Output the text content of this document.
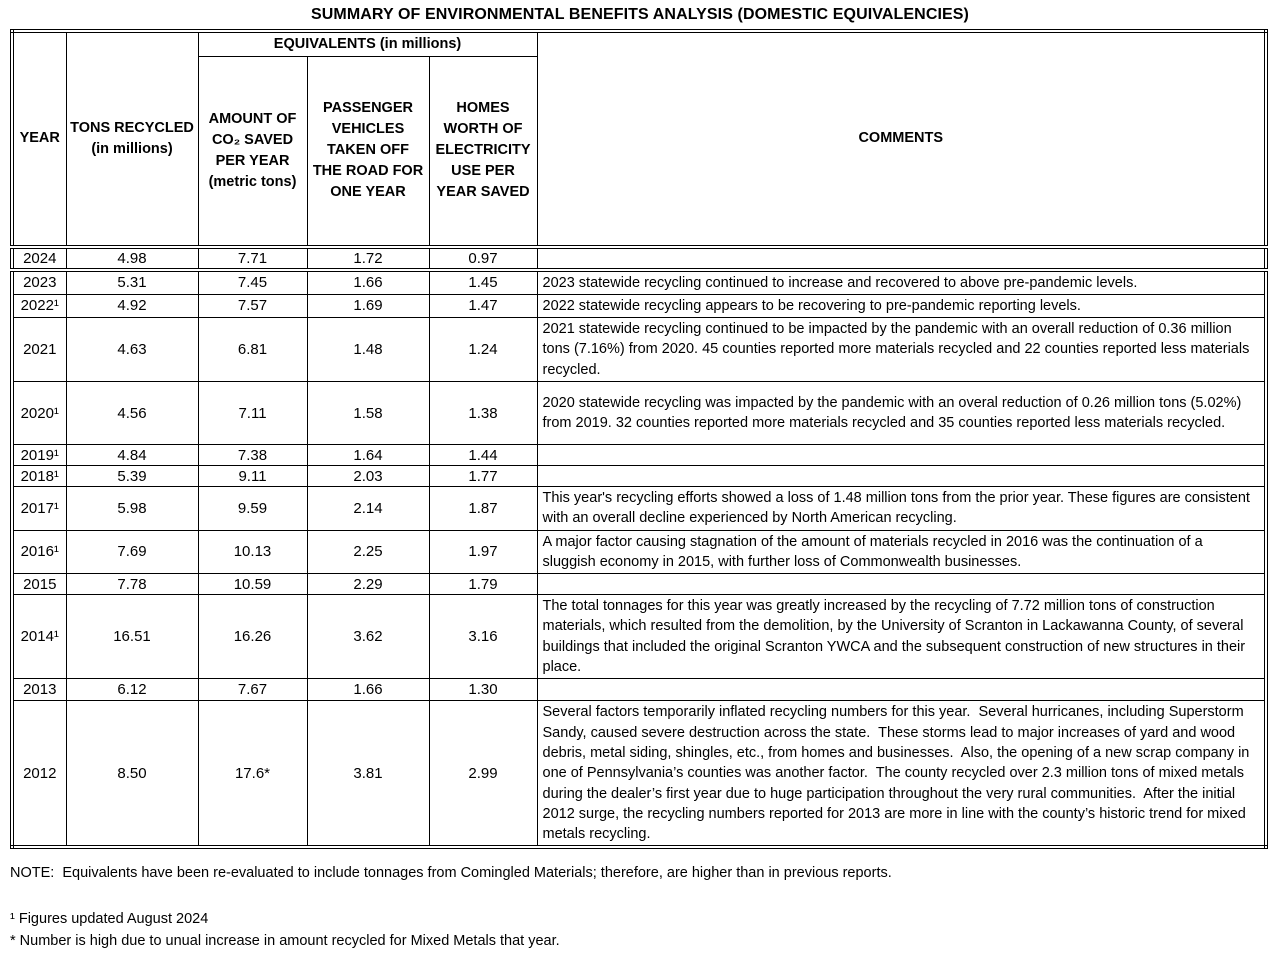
SUMMARY OF ENVIRONMENTAL BENEFITS ANALYSIS (DOMESTIC EQUIVALENCIES)
YEAR	TONS RECYCLED (in millions)	EQUIVALENTS (in millions)			COMMENTS
		AMOUNT OF CO₂ SAVED PER YEAR (metric tons)	PASSENGER VEHICLES TAKEN OFF THE ROAD FOR ONE YEAR	HOMES WORTH OF ELECTRICITY USE PER YEAR SAVED	
2024	4.98	7.71	1.72	0.97	
2023	5.31	7.45	1.66	1.45	2023 statewide recycling continued to increase and recovered to above pre-pandemic levels.
2022¹	4.92	7.57	1.69	1.47	2022 statewide recycling appears to be recovering to pre-pandemic reporting levels.
2021	4.63	6.81	1.48	1.24	2021 statewide recycling continued to be impacted by the pandemic with an overall reduction of 0.36 million tons (7.16%) from 2020. 45 counties reported more materials recycled and 22 counties reported less materials recycled.
2020¹	4.56	7.11	1.58	1.38	2020 statewide recycling was impacted by the pandemic with an overal reduction of 0.26 million tons (5.02%) from 2019. 32 counties reported more materials recycled and 35 counties reported less materials recycled.
2019¹	4.84	7.38	1.64	1.44	
2018¹	5.39	9.11	2.03	1.77	
2017¹	5.98	9.59	2.14	1.87	This year's recycling efforts showed a loss of 1.48 million tons from the prior year. These figures are consistent with an overall decline experienced by North American recycling.
2016¹	7.69	10.13	2.25	1.97	A major factor causing stagnation of the amount of materials recycled in 2016 was the continuation of a sluggish economy in 2015, with further loss of Commonwealth businesses.
2015	7.78	10.59	2.29	1.79	
2014¹	16.51	16.26	3.62	3.16	The total tonnages for this year was greatly increased by the recycling of 7.72 million tons of construction materials, which resulted from the demolition, by the University of Scranton in Lackawanna County, of several buildings that included the original Scranton YWCA and the subsequent construction of new structures in their place.
2013	6.12	7.67	1.66	1.30	
2012	8.50	17.6*	3.81	2.99	Several factors temporarily inflated recycling numbers for this year.  Several hurricanes, including Superstorm Sandy, caused severe destruction across the state.  These storms lead to major increases of yard and wood debris, metal siding, shingles, etc., from homes and businesses.  Also, the opening of a new scrap company in one of Pennsylvania’s counties was another factor.  The county recycled over 2.3 million tons of mixed metals during the dealer’s first year due to huge participation throughout the very rural communities.  After the initial 2012 surge, the recycling numbers reported for 2013 are more in line with the county’s historic trend for mixed metals recycling.

NOTE:  Equivalents have been re-evaluated to include tonnages from Comingled Materials; therefore, are higher than in previous reports.

¹ Figures updated August 2024

* Number is high due to unual increase in amount recycled for Mixed Metals that year.
